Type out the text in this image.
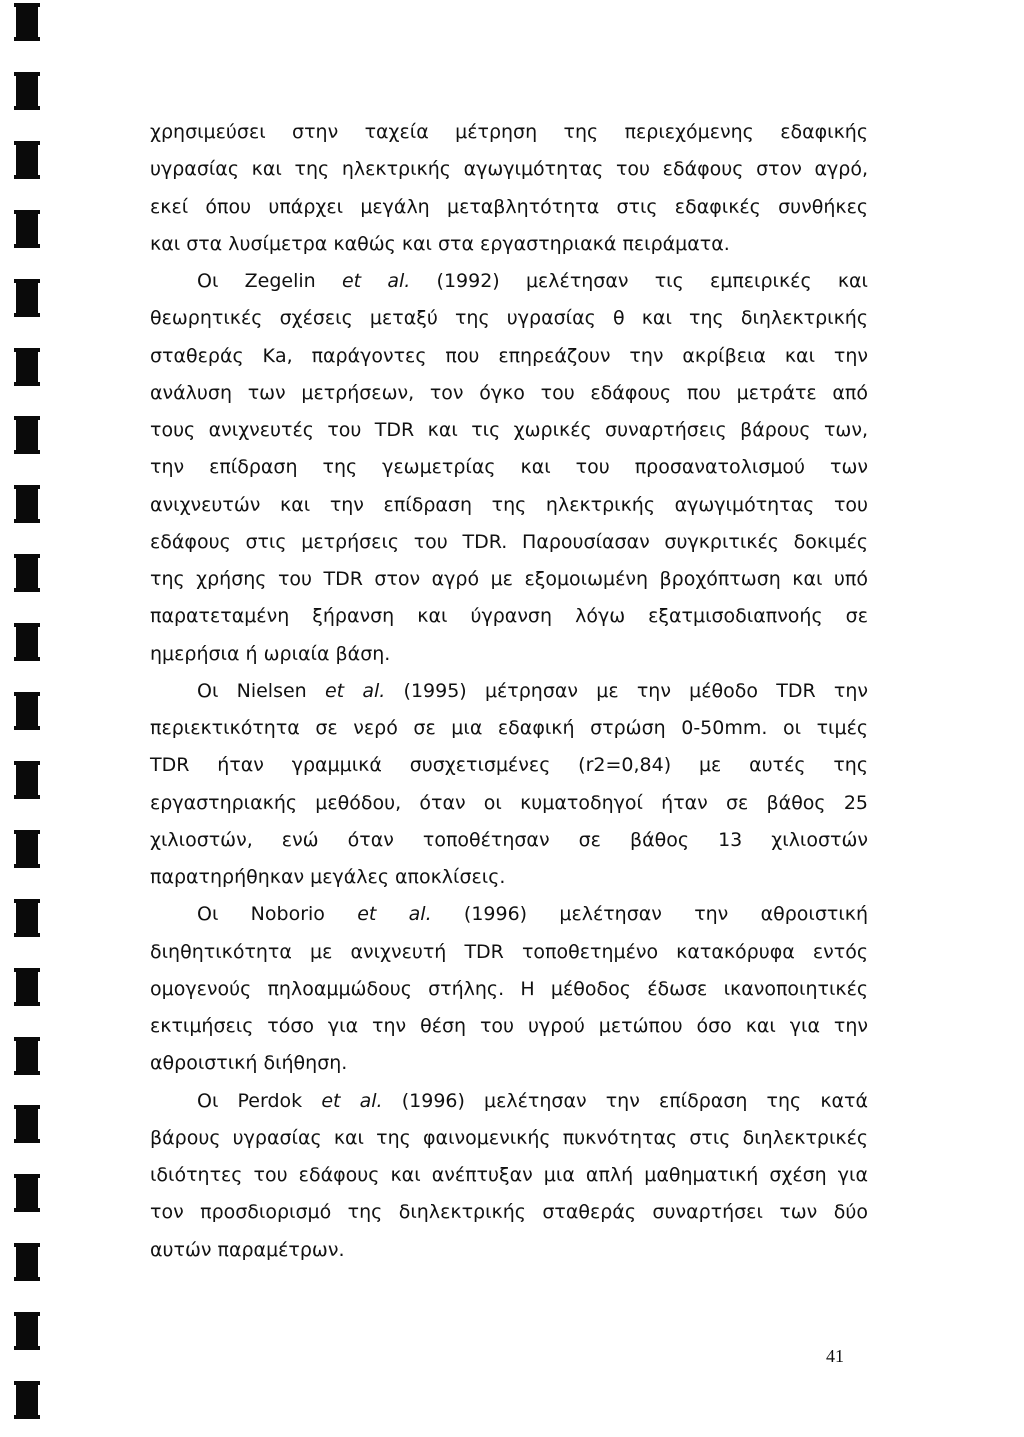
χρησιμεύσει στην ταχεία μέτρηση της περιεχόμενης εδαφικής
υγρασίας και της ηλεκτρικής αγωγιμότητας του εδάφους στον αγρό,
εκεί όπου υπάρχει μεγάλη μεταβλητότητα στις εδαφικές συνθήκες
και στα λυσίμετρα καθώς και στα εργαστηριακά πειράματα.
Οι Zegelin et al. (1992) μελέτησαν τις εμπειρικές και
θεωρητικές σχέσεις μεταξύ της υγρασίας θ και της διηλεκτρικής
σταθεράς Κa, παράγοντες που επηρεάζουν την ακρίβεια και την
ανάλυση των μετρήσεων, τον όγκο του εδάφους που μετράτε από
τους ανιχνευτές του TDR και τις χωρικές συναρτήσεις βάρους των,
την επίδραση της γεωμετρίας και του προσανατολισμού των
ανιχνευτών και την επίδραση της ηλεκτρικής αγωγιμότητας του
εδάφους στις μετρήσεις του TDR. Παρουσίασαν συγκριτικές δοκιμές
της χρήσης του TDR στον αγρό με εξομοιωμένη βροχόπτωση και υπό
παρατεταμένη ξήρανση και ύγρανση λόγω εξατμισοδιαπνοής σε
ημερήσια ή ωριαία βάση.
Οι Nielsen et al. (1995) μέτρησαν με την μέθοδο TDR την
περιεκτικότητα σε νερό σε μια εδαφική στρώση 0-50mm. οι τιμές
TDR ήταν γραμμικά συσχετισμένες (r2=0,84) με αυτές της
εργαστηριακής μεθόδου, όταν οι κυματοδηγοί ήταν σε βάθος 25
χιλιοστών, ενώ όταν τοποθέτησαν σε βάθος 13 χιλιοστών
παρατηρήθηκαν μεγάλες αποκλίσεις.
Οι Noborio et al. (1996) μελέτησαν την αθροιστική
διηθητικότητα με ανιχνευτή TDR τοποθετημένο κατακόρυφα εντός
ομογενούς πηλοαμμώδους στήλης. Η μέθοδος έδωσε ικανοποιητικές
εκτιμήσεις τόσο για την θέση του υγρού μετώπου όσο και για την
αθροιστική διήθηση.
Οι Perdok et al. (1996) μελέτησαν την επίδραση της κατά
βάρους υγρασίας και της φαινομενικής πυκνότητας στις διηλεκτρικές
ιδιότητες του εδάφους και ανέπτυξαν μια απλή μαθηματική σχέση για
τον προσδιορισμό της διηλεκτρικής σταθεράς συναρτήσει των δύο
αυτών παραμέτρων.
41
